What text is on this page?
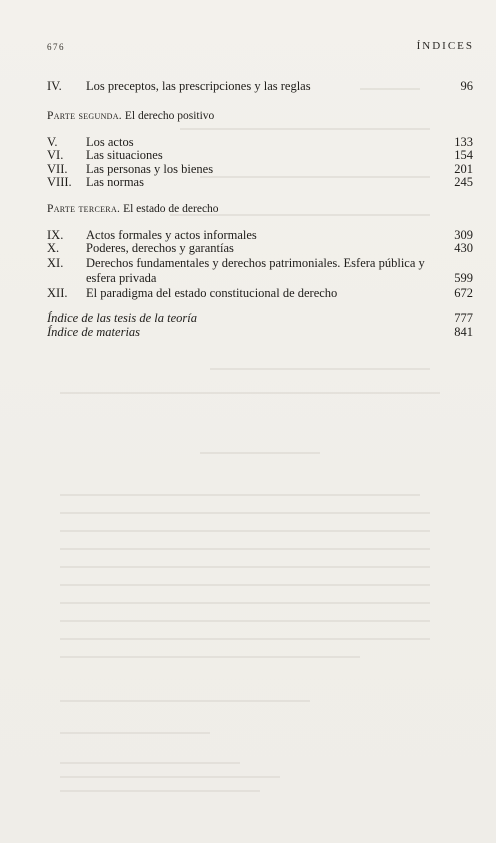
676	ÍNDICES
IV. Los preceptos, las prescripciones y las reglas	96
Parte segunda. El derecho positivo
V. Los actos	133
VI. Las situaciones	154
VII. Las personas y los bienes	201
VIII. Las normas	245
Parte tercera. El estado de derecho
IX. Actos formales y actos informales	309
X. Poderes, derechos y garantías	430
XI. Derechos fundamentales y derechos patrimoniales. Esfera pública y esfera privada	599
XII. El paradigma del estado constitucional de derecho	672
Índice de las tesis de la teoría	777
Índice de materias	841
